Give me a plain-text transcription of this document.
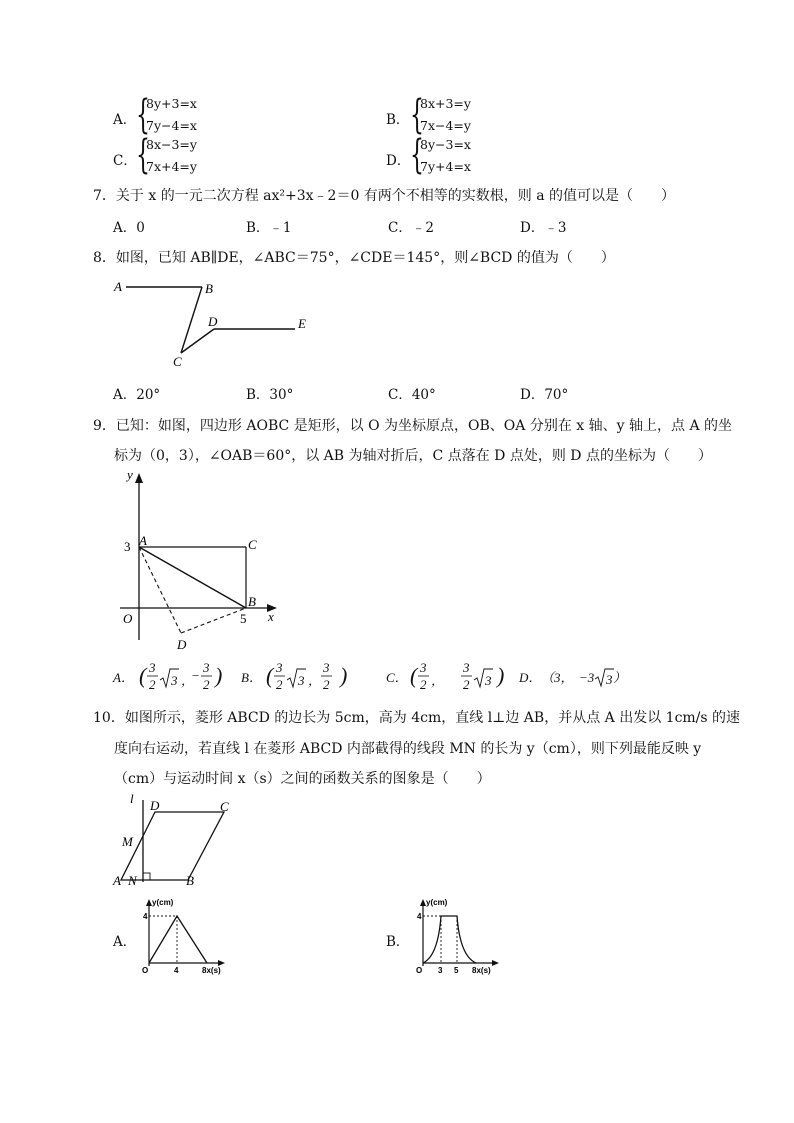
A． {
8y+3=x
7y−4=x	B． {
8x+3=y
7x−4=y
C． {
8x−3=y
7x+4=y	D． {
8y−3=x
7y+4=x
7．关于 x 的一元二次方程 ax²+3x﹣2＝0 有两个不相等的实数根，则 a 的值可以是（　　）
A．0	B．﹣1	C．﹣2	D．﹣3
8．如图，已知 AB∥DE，∠ABC＝75°，∠CDE＝145°，则∠BCD 的值为（　　）
A	B
C
D	E
A．20°	B．30°	C．40°	D．70°
9．已知：如图，四边形 AOBC 是矩形，以 O 为坐标原点，OB、OA 分别在 x 轴、y 轴上，点 A 的坐
标为（0，3），∠OAB＝60°，以 AB 为轴对折后，C 点落在 D 点处，则 D 点的坐标为（　　）
y
x
O
A	C
B
D
3
5
A． ( 3
2 3 ，
−
3
2 ) B． ( 3
2 3 ，
3
2 )	C． ( 3
2 ，
3
2 3 ) D． （3， −3 3 ）
10．如图所示，菱形 ABCD 的边长为 5cm，高为 4cm，直线 l⊥边 AB，并从点 A 出发以 1cm/s 的速
度向右运动，若直线 l 在菱形 ABCD 内部截得的线段 MN 的长为 y（cm），则下列最能反映 y
（cm）与运动时间 x（s）之间的函数关系的图象是（　　）
l D	C
M
A N	B
A．
y(cm)
4
O	4	8x(s)
B．
y(cm)
4
O 3 5 8x(s)
